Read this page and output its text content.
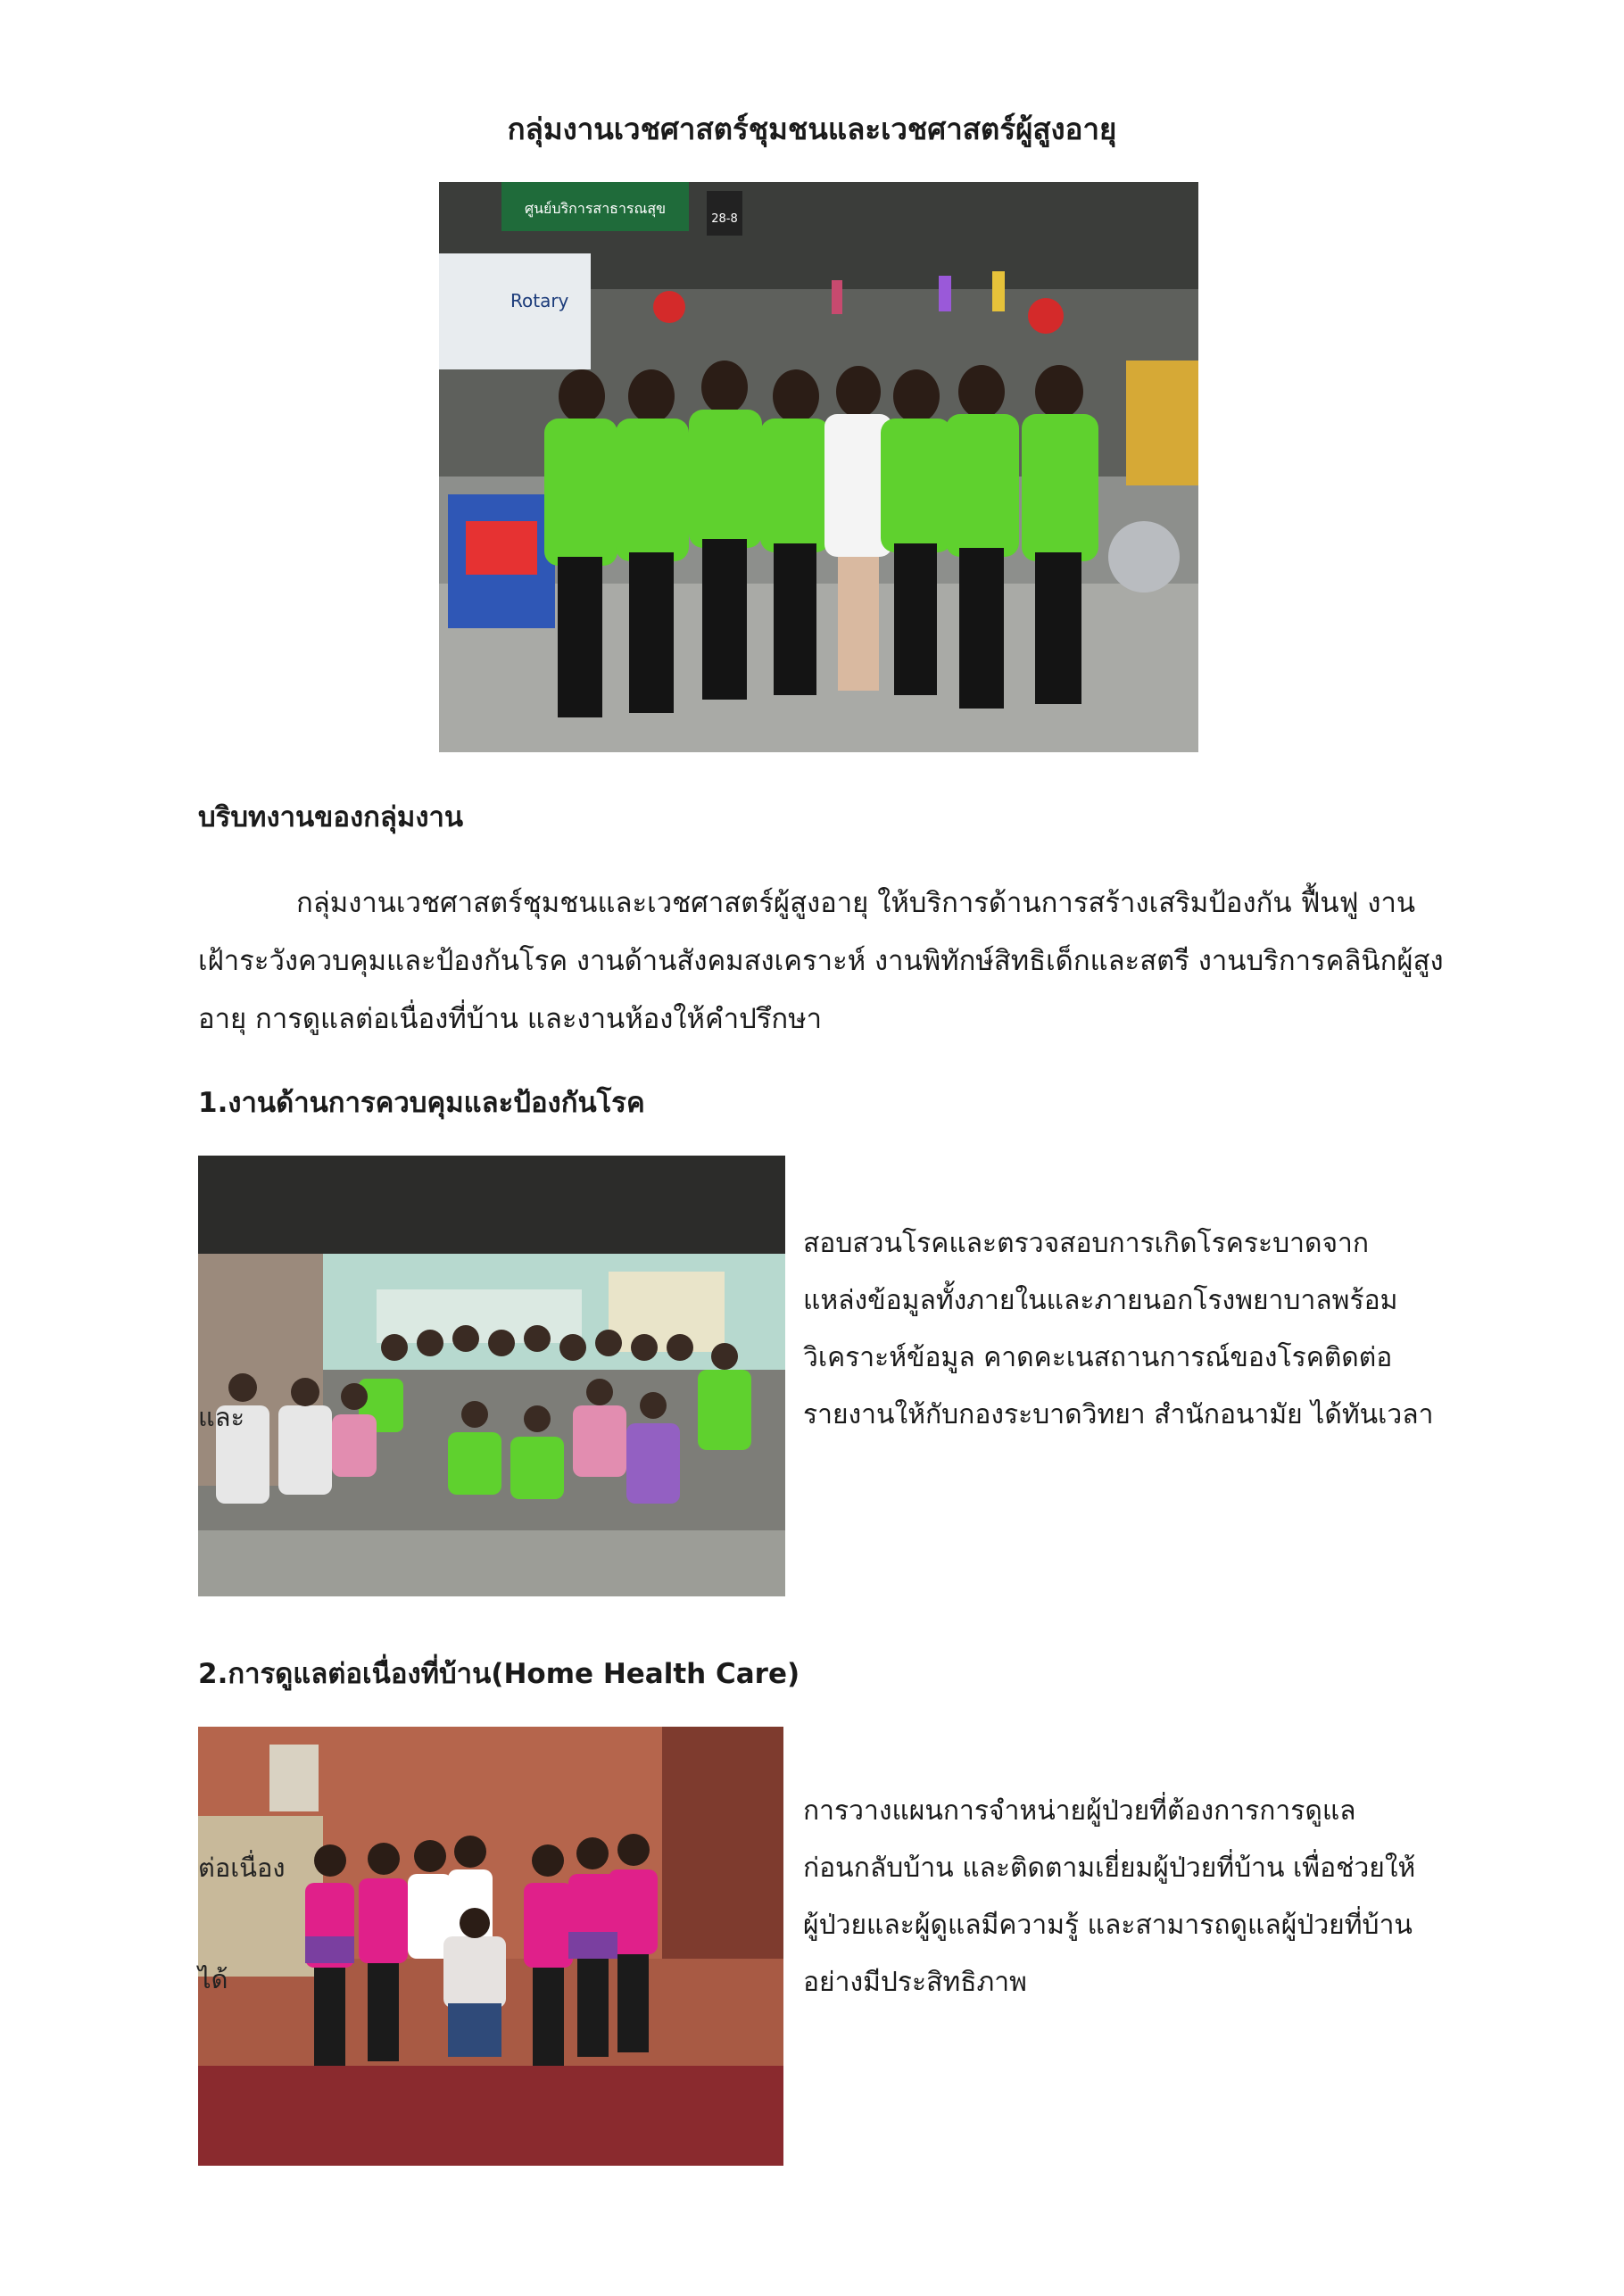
กลุ่มงานเวชศาสตร์ชุมชนและเวชศาสตร์ผู้สูงอายุ
ศูนย์บริการสาธารณสุข
28-8
Rotary
บริบทงานของกลุ่มงาน
กลุ่มงานเวชศาสตร์ชุมชนและเวชศาสตร์ผู้สูงอายุ ให้บริการด้านการสร้างเสริมป้องกัน ฟื้นฟู งานเฝ้าระวังควบคุมและป้องกันโรค งานด้านสังคมสงเคราะห์ งานพิทักษ์สิทธิเด็กและสตรี งานบริการคลินิกผู้สูงอายุ การดูแลต่อเนื่องที่บ้าน และงานห้องให้คำปรึกษา
1.งานด้านการควบคุมและป้องกันโรค
และ
สอบสวนโรคและตรวจสอบการเกิดโรคระบาดจาก
แหล่งข้อมูลทั้งภายในและภายนอกโรงพยาบาลพร้อม
วิเคราะห์ข้อมูล คาดคะเนสถานการณ์ของโรคติดต่อ
รายงานให้กับกองระบาดวิทยา สำนักอนามัย ได้ทันเวลา
2.การดูแลต่อเนื่องที่บ้าน(Home Health Care)
ต่อเนื่อง
ได้
การวางแผนการจำหน่ายผู้ป่วยที่ต้องการการดูแล
ก่อนกลับบ้าน และติดตามเยี่ยมผู้ป่วยที่บ้าน เพื่อช่วยให้
ผู้ป่วยและผู้ดูแลมีความรู้ และสามารถดูแลผู้ป่วยที่บ้าน
อย่างมีประสิทธิภาพ
